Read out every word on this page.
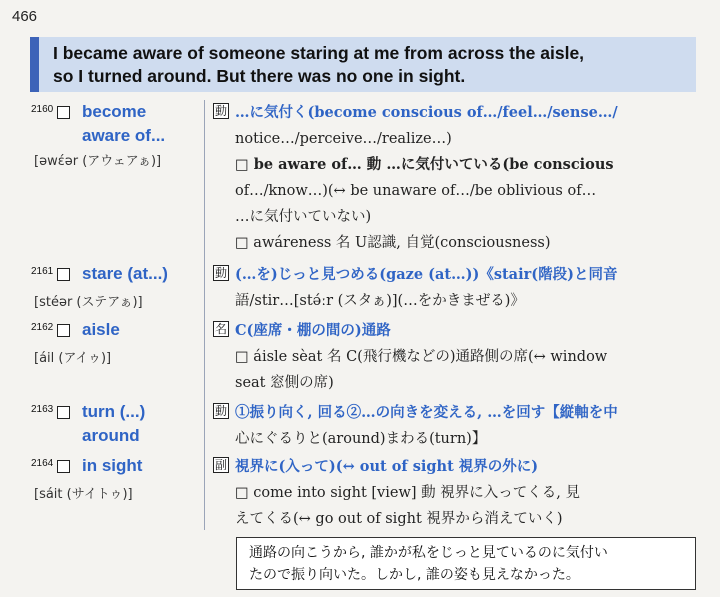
466
I became aware of someone staring at me from across the aisle,
so I turned around. But there was no one in sight.
2160 become
aware of...
[əwέər (アウェアぁ)]
動 …に気付く(become conscious of…/feel…/sense…/
notice…/perceive…/realize…)
□ be aware of… 動 …に気付いている(be conscious
of…/know…)(↔ be unaware of…/be oblivious of…
…に気付いていない)
□ awáreness 名 U認識, 自覚(consciousness)
2161 stare (at...)
[stéər (ステアぁ)]
動 (…を)じっと見つめる(gaze (at…))《stair(階段)と同音
語/stir…[stə́ːr (スタぁ)](…をかきまぜる)》
2162 aisle
[áil (アイゥ)]
名 C(座席・棚の間の)通路
□ áisle sèat 名 C(飛行機などの)通路側の席(↔ window
seat 窓側の席)
2163 turn (...)
around
動 ①振り向く, 回る②…の向きを変える, …を回す【縦軸を中
心にぐるりと(around)まわる(turn)】
2164 in sight
[sáit (サイトゥ)]
副 視界に(入って)(↔ out of sight 視界の外に)
□ come into sight [view] 動 視界に入ってくる, 見
えてくる(↔ go out of sight 視界から消えていく)
通路の向こうから, 誰かが私をじっと見ているのに気付い
たので振り向いた。しかし, 誰の姿も見えなかった。
